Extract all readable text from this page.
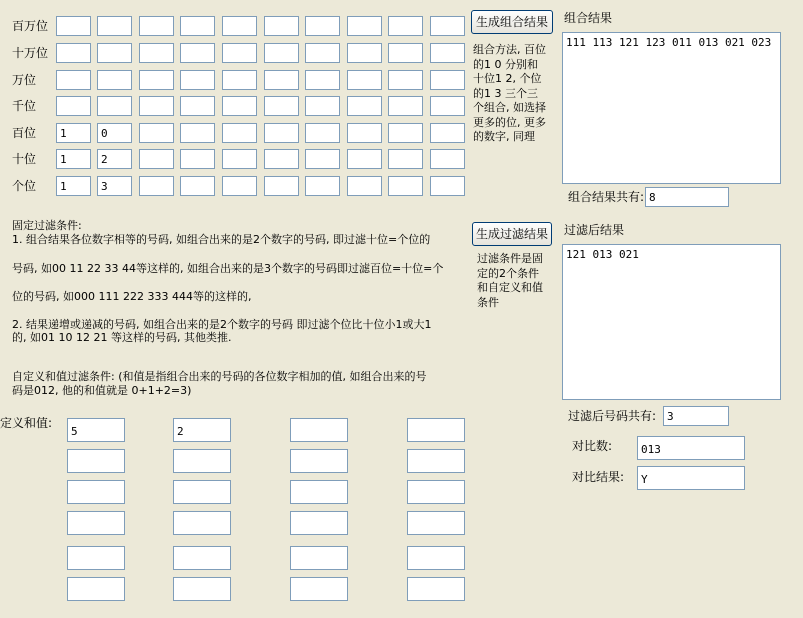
百万位
十万位
万位
千位
百位
1
0
十位
1
2
个位
1
3
生成组合结果
组合方法, 百位
的1 0 分别和
十位1 2, 个位
的1 3 三个三
个组合, 如选择
更多的位, 更多
的数字, 同理
组合结果
111 113 121 123 011 013 021 023
组合结果共有:
8
生成过滤结果
过滤条件是固
定的2个条件
和自定义和值
条件
过滤后结果
121 013 021
过滤后号码共有:
3
对比数:
013
对比结果:
Y
固定过滤条件:
1. 组合结果各位数字相等的号码, 如组合出来的是2个数字的号码, 即过滤十位=个位的
号码, 如00 11 22 33 44等这样的, 如组合出来的是3个数字的号码即过滤百位=十位=个
位的号码, 如000 111 222 333 444等的这样的,
2. 结果递增或递减的号码, 如组合出来的是2个数字的号码 即过滤个位比十位小1或大1
的, 如01 10 12 21 等这样的号码, 其他类推.
自定义和值过滤条件: (和值是指组合出来的号码的各位数字相加的值, 如组合出来的号
码是012, 他的和值就是 0+1+2=3)
定义和值:
5
2
